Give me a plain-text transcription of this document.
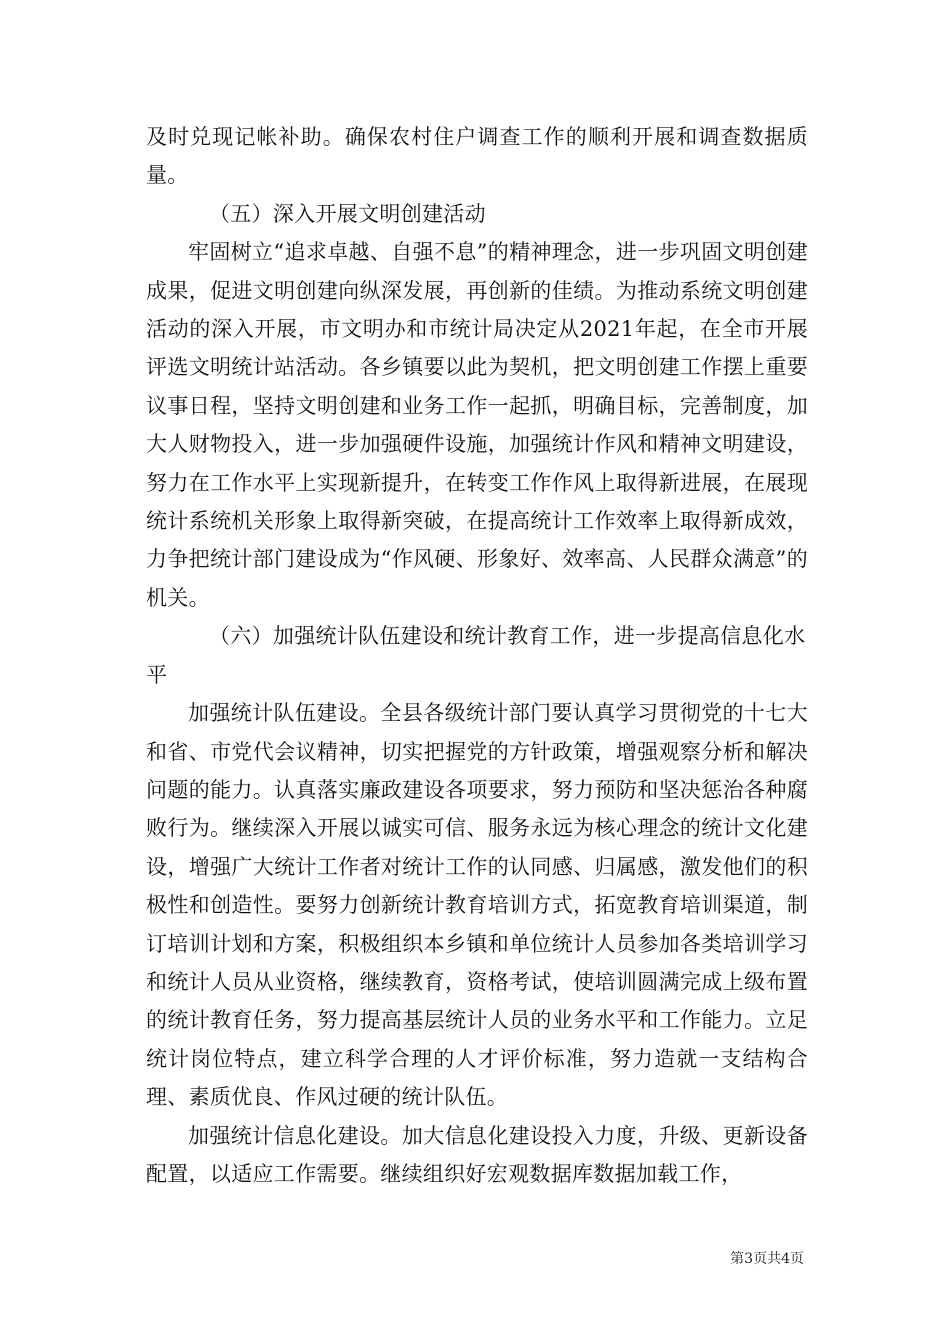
及时兑现记帐补助。确保农村住户调查工作的顺利开展和调查数据质量。

（五）深入开展文明创建活动

牢固树立“追求卓越、自强不息”的精神理念，进一步巩固文明创建成果，促进文明创建向纵深发展，再创新的佳绩。为推动系统文明创建活动的深入开展，市文明办和市统计局决定从2021年起，在全市开展评选文明统计站活动。各乡镇要以此为契机，把文明创建工作摆上重要议事日程，坚持文明创建和业务工作一起抓，明确目标，完善制度，加大人财物投入，进一步加强硬件设施，加强统计作风和精神文明建设，努力在工作水平上实现新提升，在转变工作作风上取得新进展，在展现统计系统机关形象上取得新突破，在提高统计工作效率上取得新成效，力争把统计部门建设成为“作风硬、形象好、效率高、人民群众满意”的机关。

（六）加强统计队伍建设和统计教育工作，进一步提高信息化水平

加强统计队伍建设。全县各级统计部门要认真学习贯彻党的十七大和省、市党代会议精神，切实把握党的方针政策，增强观察分析和解决问题的能力。认真落实廉政建设各项要求，努力预防和坚决惩治各种腐败行为。继续深入开展以诚实可信、服务永远为核心理念的统计文化建设，增强广大统计工作者对统计工作的认同感、归属感，激发他们的积极性和创造性。要努力创新统计教育培训方式，拓宽教育培训渠道，制订培训计划和方案，积极组织本乡镇和单位统计人员参加各类培训学习和统计人员从业资格，继续教育，资格考试，使培训圆满完成上级布置的统计教育任务，努力提高基层统计人员的业务水平和工作能力。立足统计岗位特点，建立科学合理的人才评价标准，努力造就一支结构合理、素质优良、作风过硬的统计队伍。

加强统计信息化建设。加大信息化建设投入力度，升级、更新设备配置，以适应工作需要。继续组织好宏观数据库数据加载工作，

第3页共4页
